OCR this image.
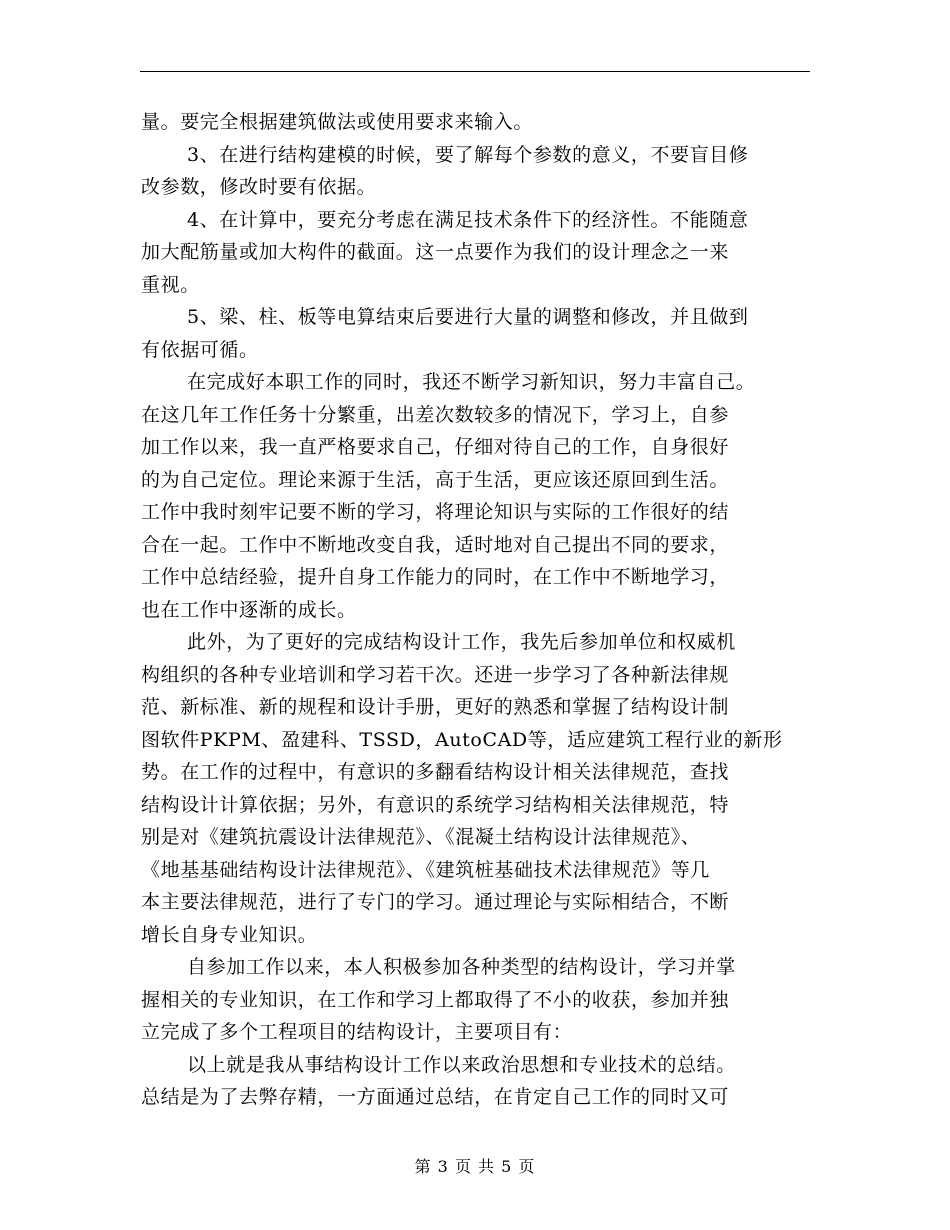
量。要完全根据建筑做法或使用要求来输入。
3、在进行结构建模的时候，要了解每个参数的意义，不要盲目修
改参数，修改时要有依据。
4、在计算中，要充分考虑在满足技术条件下的经济性。不能随意
加大配筋量或加大构件的截面。这一点要作为我们的设计理念之一来
重视。
5、梁、柱、板等电算结束后要进行大量的调整和修改，并且做到
有依据可循。
在完成好本职工作的同时，我还不断学习新知识，努力丰富自己。
在这几年工作任务十分繁重，出差次数较多的情况下，学习上，自参
加工作以来，我一直严格要求自己，仔细对待自己的工作，自身很好
的为自己定位。理论来源于生活，高于生活，更应该还原回到生活。
工作中我时刻牢记要不断的学习，将理论知识与实际的工作很好的结
合在一起。工作中不断地改变自我，适时地对自己提出不同的要求，
工作中总结经验，提升自身工作能力的同时，在工作中不断地学习，
也在工作中逐渐的成长。
此外，为了更好的完成结构设计工作，我先后参加单位和权威机
构组织的各种专业培训和学习若干次。还进一步学习了各种新法律规
范、新标准、新的规程和设计手册，更好的熟悉和掌握了结构设计制
图软件PKPM、盈建科、TSSD，AutoCAD等，适应建筑工程行业的新形
势。在工作的过程中，有意识的多翻看结构设计相关法律规范，查找
结构设计计算依据；另外，有意识的系统学习结构相关法律规范，特
别是对《建筑抗震设计法律规范》、《混凝土结构设计法律规范》、
《地基基础结构设计法律规范》、《建筑桩基础技术法律规范》等几
本主要法律规范，进行了专门的学习。通过理论与实际相结合，不断
增长自身专业知识。
自参加工作以来，本人积极参加各种类型的结构设计，学习并掌
握相关的专业知识，在工作和学习上都取得了不小的收获，参加并独
立完成了多个工程项目的结构设计，主要项目有：
以上就是我从事结构设计工作以来政治思想和专业技术的总结。
总结是为了去弊存精，一方面通过总结，在肯定自己工作的同时又可
第 3 页 共 5 页
